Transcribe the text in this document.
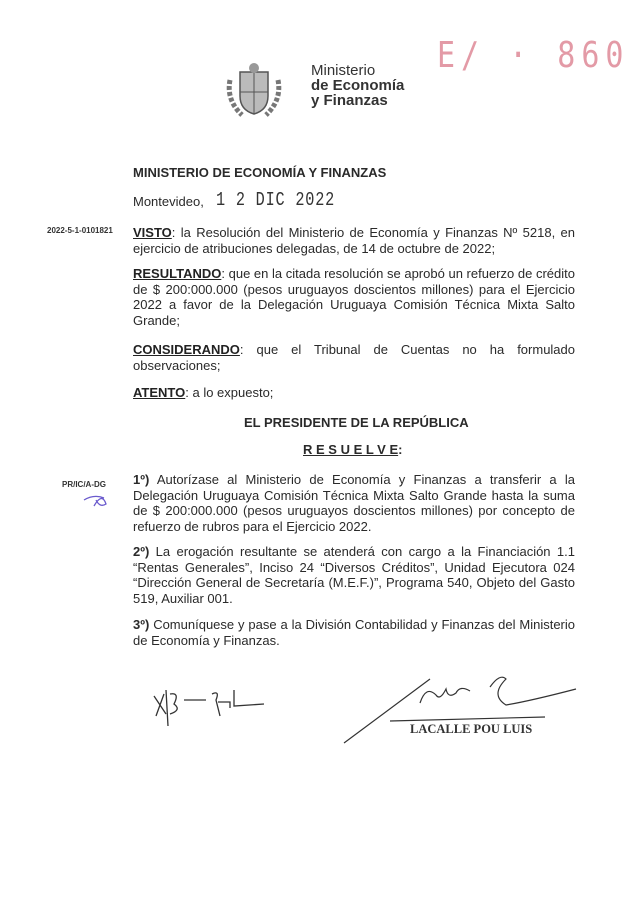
Ministerio
de Economía
y Finanzas
E/ · 860
MINISTERIO DE ECONOMÍA Y FINANZAS
Montevideo, 1 2 DIC 2022
2022-5-1-0101821 VISTO: la Resolución del Ministerio de Economía y Finanzas Nº 5218, en ejercicio de atribuciones delegadas, de 14 de octubre de 2022;
RESULTANDO: que en la citada resolución se aprobó un refuerzo de crédito de $ 200:000.000 (pesos uruguayos doscientos millones) para el Ejercicio 2022 a favor de la Delegación Uruguaya Comisión Técnica Mixta Salto Grande;
CONSIDERANDO: que el Tribunal de Cuentas no ha formulado observaciones;
ATENTO: a lo expuesto;
EL PRESIDENTE DE LA REPÚBLICA
R E S U E L V E:
PR/IC/A-DG 1º) Autorízase al Ministerio de Economía y Finanzas a transferir a la Delegación Uruguaya Comisión Técnica Mixta Salto Grande hasta la suma de $ 200:000.000 (pesos uruguayos doscientos millones) por concepto de refuerzo de rubros para el Ejercicio 2022.
2º) La erogación resultante se atenderá con cargo a la Financiación 1.1 “Rentas Generales”, Inciso 24 “Diversos Créditos”, Unidad Ejecutora 024 “Dirección General de Secretaría (M.E.F.)”, Programa 540, Objeto del Gasto 519, Auxiliar 001.
3º) Comuníquese y pase a la División Contabilidad y Finanzas del Ministerio de Economía y Finanzas.
LACALLE POU LUIS
